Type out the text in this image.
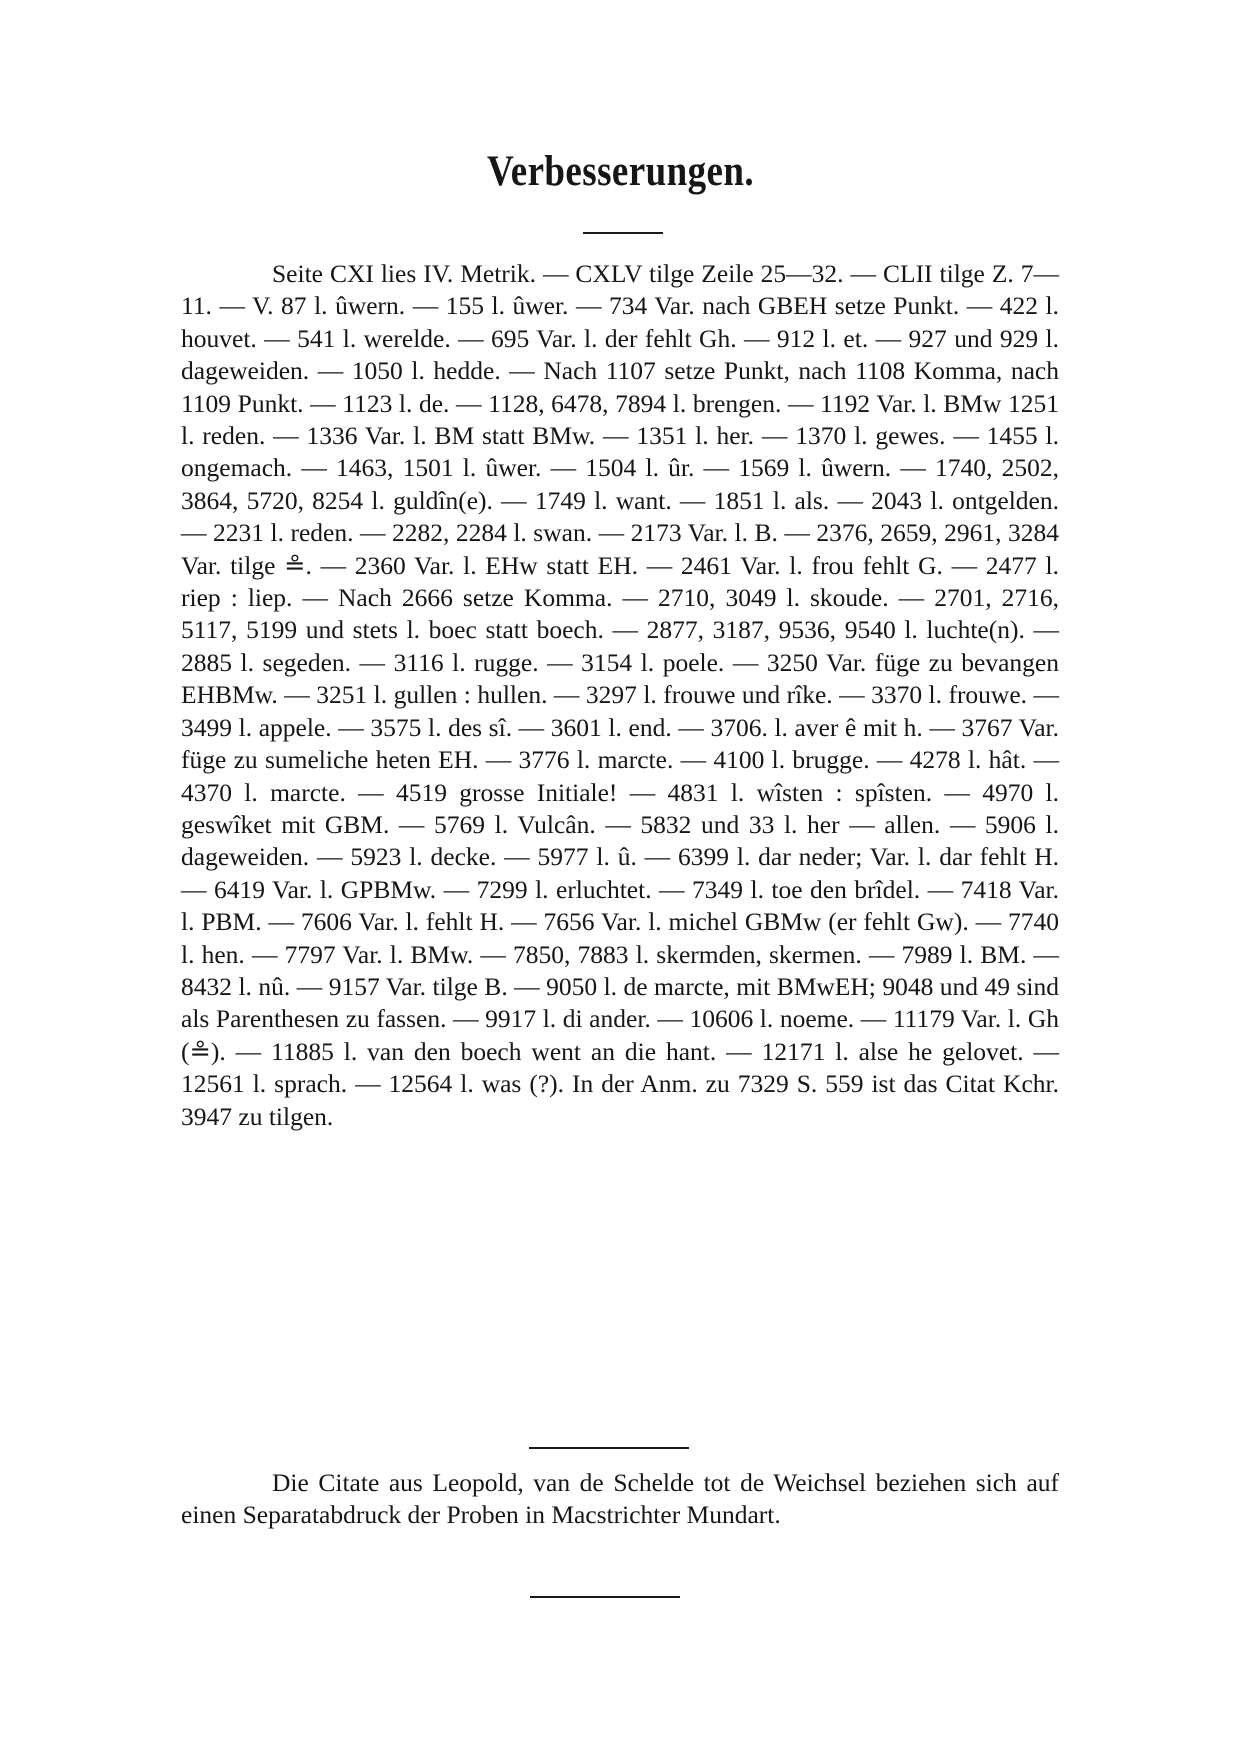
Verbesserungen.

Seite CXI lies IV. Metrik. — CXLV tilge Zeile 25—32. — CLII tilge Z. 7—11. — V. 87 l. ûwern. — 155 l. ûwer. — 734 Var. nach GBEH setze Punkt. — 422 l. houvet. — 541 l. werelde. — 695 Var. l. der fehlt Gh. — 912 l. et. — 927 und 929 l. dageweiden. — 1050 l. hedde. — Nach 1107 setze Punkt, nach 1108 Komma, nach 1109 Punkt. — 1123 l. de. — 1128, 6478, 7894 l. brengen. — 1192 Var. l. BMw 1251 l. reden. — 1336 Var. l. BM statt BMw. — 1351 l. her. — 1370 l. gewes. — 1455 l. ongemach. — 1463, 1501 l. ûwer. — 1504 l. ûr. — 1569 l. ûwern. — 1740, 2502, 3864, 5720, 8254 l. guldîn(e). — 1749 l. want. — 1851 l. als. — 2043 l. ontgelden. — 2231 l. reden. — 2282, 2284 l. swan. — 2173 Var. l. B. — 2376, 2659, 2961, 3284 Var. tilge ≗. — 2360 Var. l. EHw statt EH. — 2461 Var. l. frou fehlt G. — 2477 l. riep : liep. — Nach 2666 setze Komma. — 2710, 3049 l. skoude. — 2701, 2716, 5117, 5199 und stets l. boec statt boech. — 2877, 3187, 9536, 9540 l. luchte(n). — 2885 l. segeden. — 3116 l. rugge. — 3154 l. poele. — 3250 Var. füge zu bevangen EHBMw. — 3251 l. gullen : hullen. — 3297 l. frouwe und rîke. — 3370 l. frouwe. — 3499 l. appele. — 3575 l. des sî. — 3601 l. end. — 3706. l. aver ê mit h. — 3767 Var. füge zu sumeliche heten EH. — 3776 l. marcte. — 4100 l. brugge. — 4278 l. hât. — 4370 l. marcte. — 4519 grosse Initiale! — 4831 l. wîsten : spîsten. — 4970 l. geswîket mit GBM. — 5769 l. Vulcân. — 5832 und 33 l. her — allen. — 5906 l. dageweiden. — 5923 l. decke. — 5977 l. û. — 6399 l. dar neder; Var. l. dar fehlt H. — 6419 Var. l. GPBMw. — 7299 l. erluchtet. — 7349 l. toe den brîdel. — 7418 Var. l. PBM. — 7606 Var. l. fehlt H. — 7656 Var. l. michel GBMw (er fehlt Gw). — 7740 l. hen. — 7797 Var. l. BMw. — 7850, 7883 l. skermden, skermen. — 7989 l. BM. — 8432 l. nû. — 9157 Var. tilge B. — 9050 l. de marcte, mit BMwEH; 9048 und 49 sind als Parenthesen zu fassen. — 9917 l. di ander. — 10606 l. noeme. — 11179 Var. l. Gh (≗). — 11885 l. van den boech went an die hant. — 12171 l. alse he gelovet. — 12561 l. sprach. — 12564 l. was (?). In der Anm. zu 7329 S. 559 ist das Citat Kchr. 3947 zu tilgen.

Die Citate aus Leopold, van de Schelde tot de Weichsel beziehen sich auf einen Separatabdruck der Proben in Macstrichter Mundart.
